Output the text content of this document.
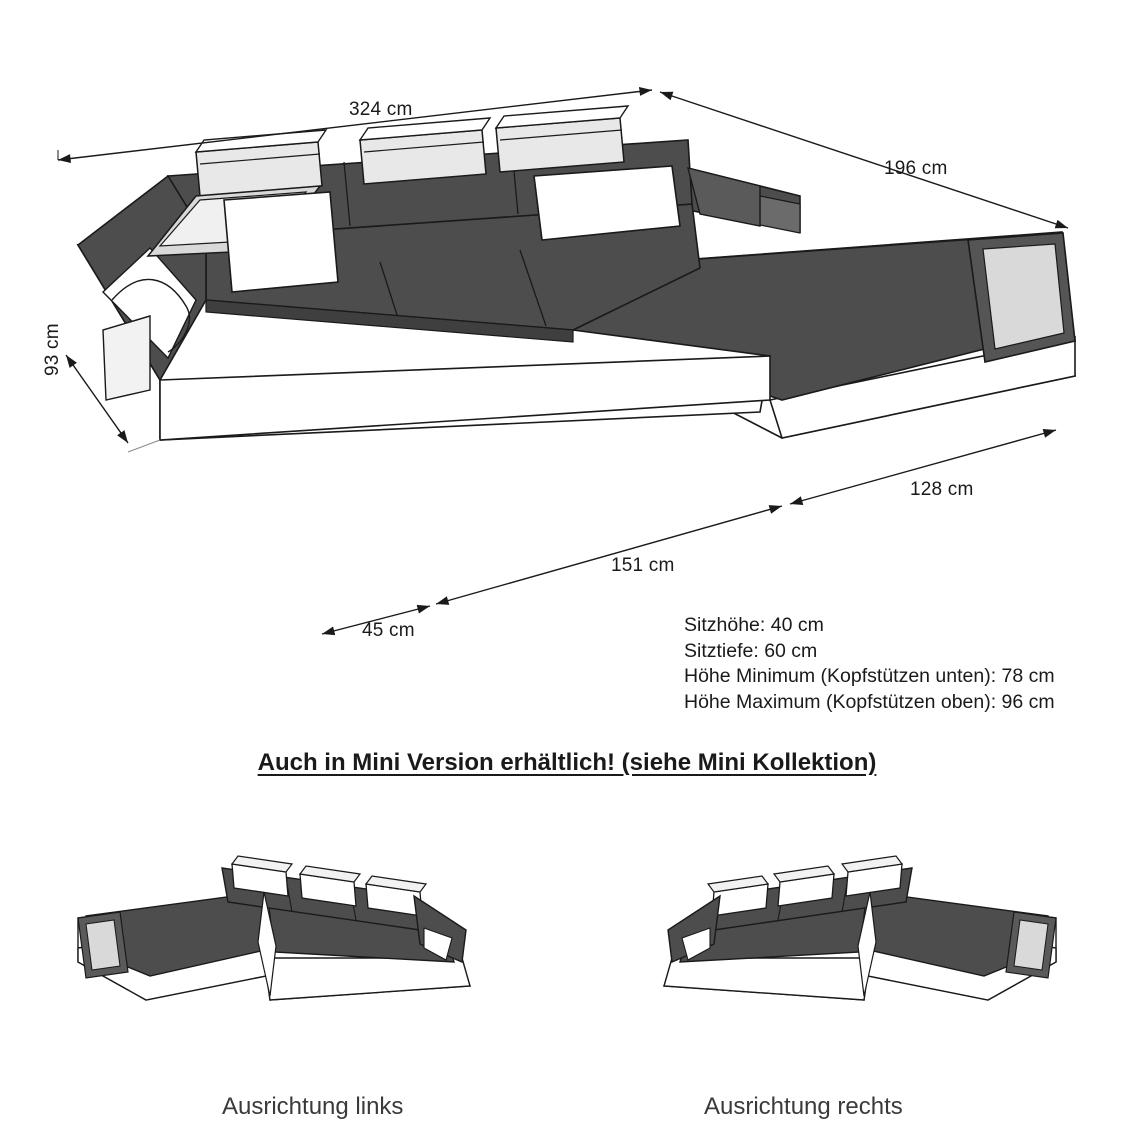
324 cm
196 cm
93 cm
128 cm
151 cm
45 cm	Sitzhöhe: 40 cm
Sitztiefe: 60 cm
Höhe Minimum (Kopfstützen unten): 78 cm
Höhe Maximum (Kopfstützen oben): 96 cm
Auch in Mini Version erhältlich! (siehe Mini Kollektion)
Ausrichtung links	Ausrichtung rechts
